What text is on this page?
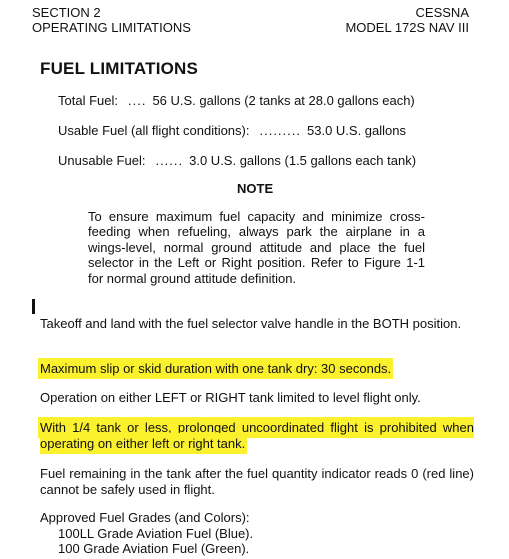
SECTION 2
OPERATING LIMITATIONS
CESSNA
MODEL 172S NAV III
FUEL LIMITATIONS
Total Fuel: .... 56 U.S. gallons (2 tanks at 28.0 gallons each)
Usable Fuel (all flight conditions): ......... 53.0 U.S. gallons
Unusable Fuel: ...... 3.0 U.S. gallons (1.5 gallons each tank)
NOTE
To ensure maximum fuel capacity and minimize cross-feeding when refueling, always park the airplane in a wings-level, normal ground attitude and place the fuel selector in the Left or Right position. Refer to Figure 1-1 for normal ground attitude definition.
Takeoff and land with the fuel selector valve handle in the BOTH position.
Maximum slip or skid duration with one tank dry: 30 seconds.
Operation on either LEFT or RIGHT tank limited to level flight only.
With 1/4 tank or less, prolonged uncoordinated flight is prohibited when operating on either left or right tank.
Fuel remaining in the tank after the fuel quantity indicator reads 0 (red line) cannot be safely used in flight.
Approved Fuel Grades (and Colors):
100LL Grade Aviation Fuel (Blue).
100 Grade Aviation Fuel (Green).
